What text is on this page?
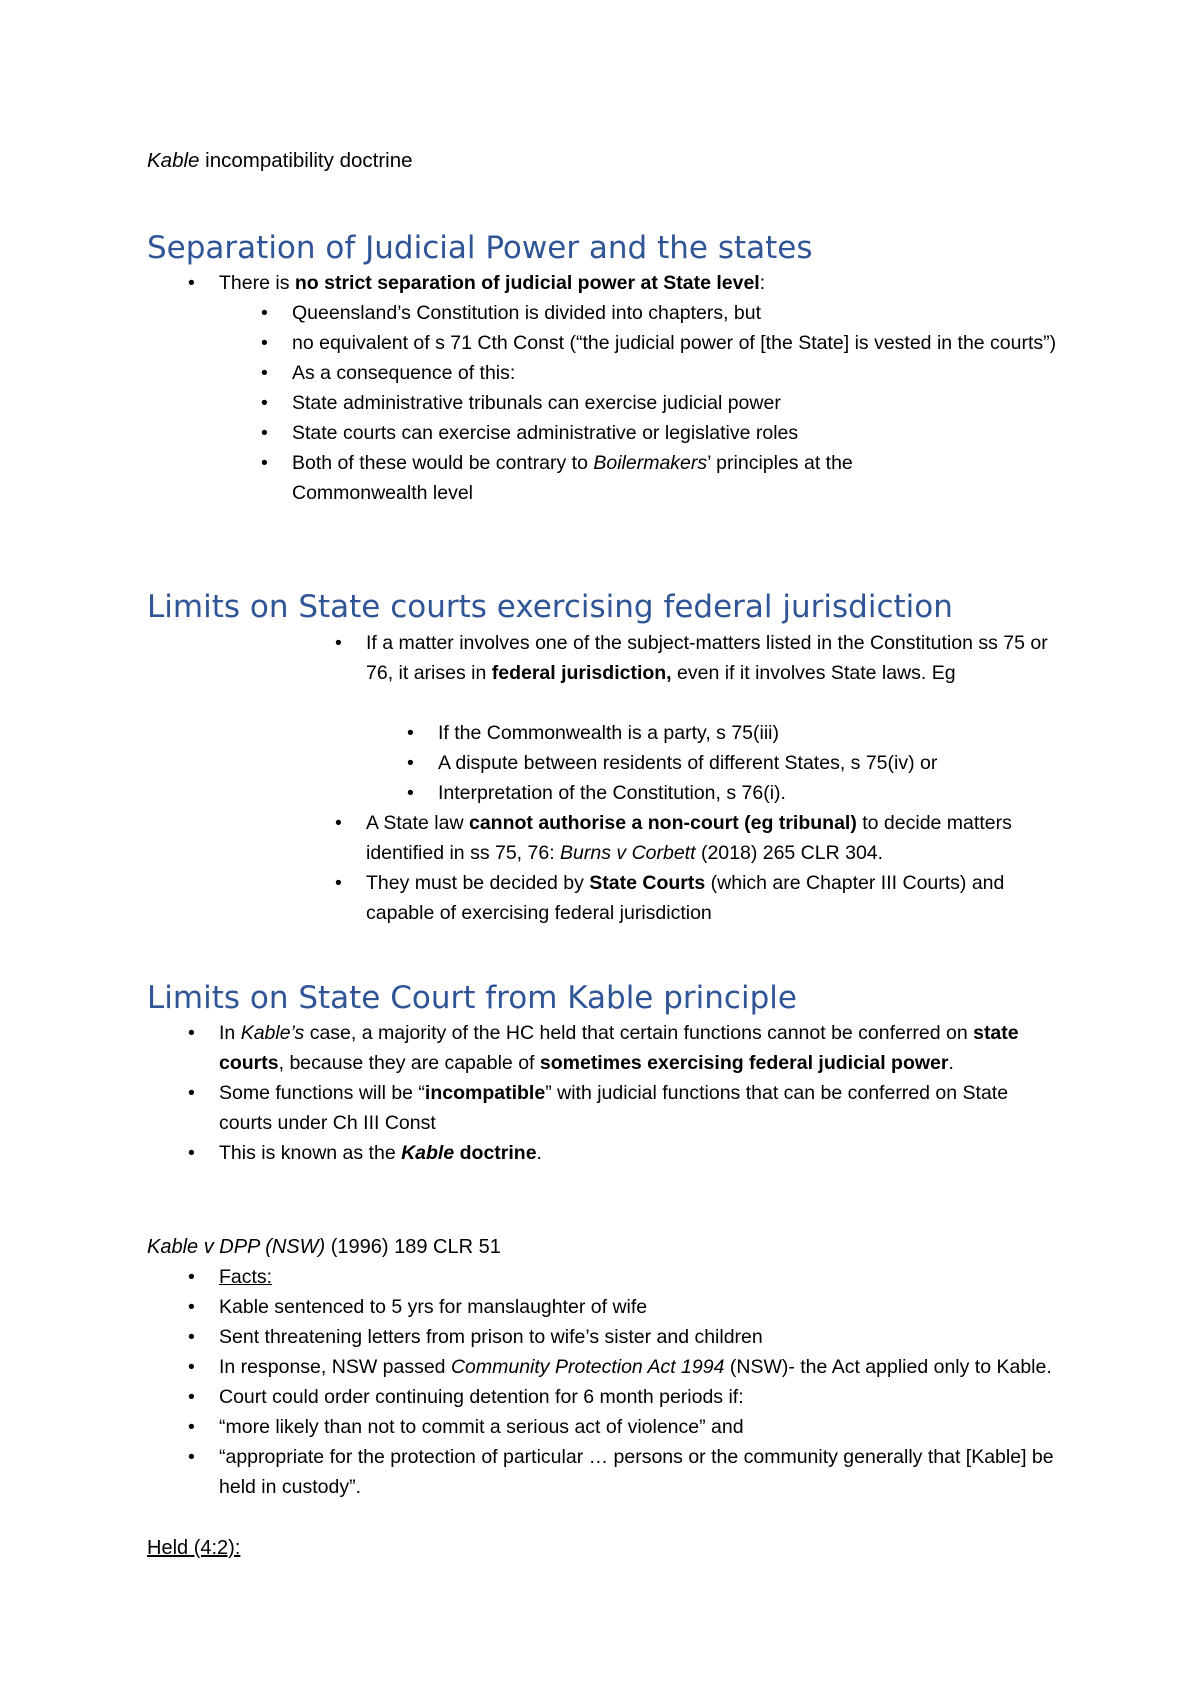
Kable incompatibility doctrine
Separation of Judicial Power and the states
• There is no strict separation of judicial power at State level:
• Queensland’s Constitution is divided into chapters, but
• no equivalent of s 71 Cth Const (“the judicial power of [the State] is vested in the courts”)
• As a consequence of this:
• State administrative tribunals can exercise judicial power
• State courts can exercise administrative or legislative roles
• Both of these would be contrary to Boilermakers’ principles at the Commonwealth level
Limits on State courts exercising federal jurisdiction
• If a matter involves one of the subject-matters listed in the Constitution ss 75 or 76, it arises in federal jurisdiction, even if it involves State laws. Eg
• If the Commonwealth is a party, s 75(iii)
• A dispute between residents of different States, s 75(iv) or
• Interpretation of the Constitution, s 76(i).
• A State law cannot authorise a non-court (eg tribunal) to decide matters identified in ss 75, 76: Burns v Corbett (2018) 265 CLR 304.
• They must be decided by State Courts (which are Chapter III Courts) and capable of exercising federal jurisdiction
Limits on State Court from Kable principle
• In Kable’s case, a majority of the HC held that certain functions cannot be conferred on state courts, because they are capable of sometimes exercising federal judicial power.
• Some functions will be “incompatible” with judicial functions that can be conferred on State courts under Ch III Const
• This is known as the Kable doctrine.
Kable v DPP (NSW) (1996) 189 CLR 51
• Facts:
• Kable sentenced to 5 yrs for manslaughter of wife
• Sent threatening letters from prison to wife’s sister and children
• In response, NSW passed Community Protection Act 1994 (NSW)- the Act applied only to Kable.
• Court could order continuing detention for 6 month periods if:
• “more likely than not to commit a serious act of violence” and
• “appropriate for the protection of particular … persons or the community generally that [Kable] be held in custody”.
Held (4:2):
